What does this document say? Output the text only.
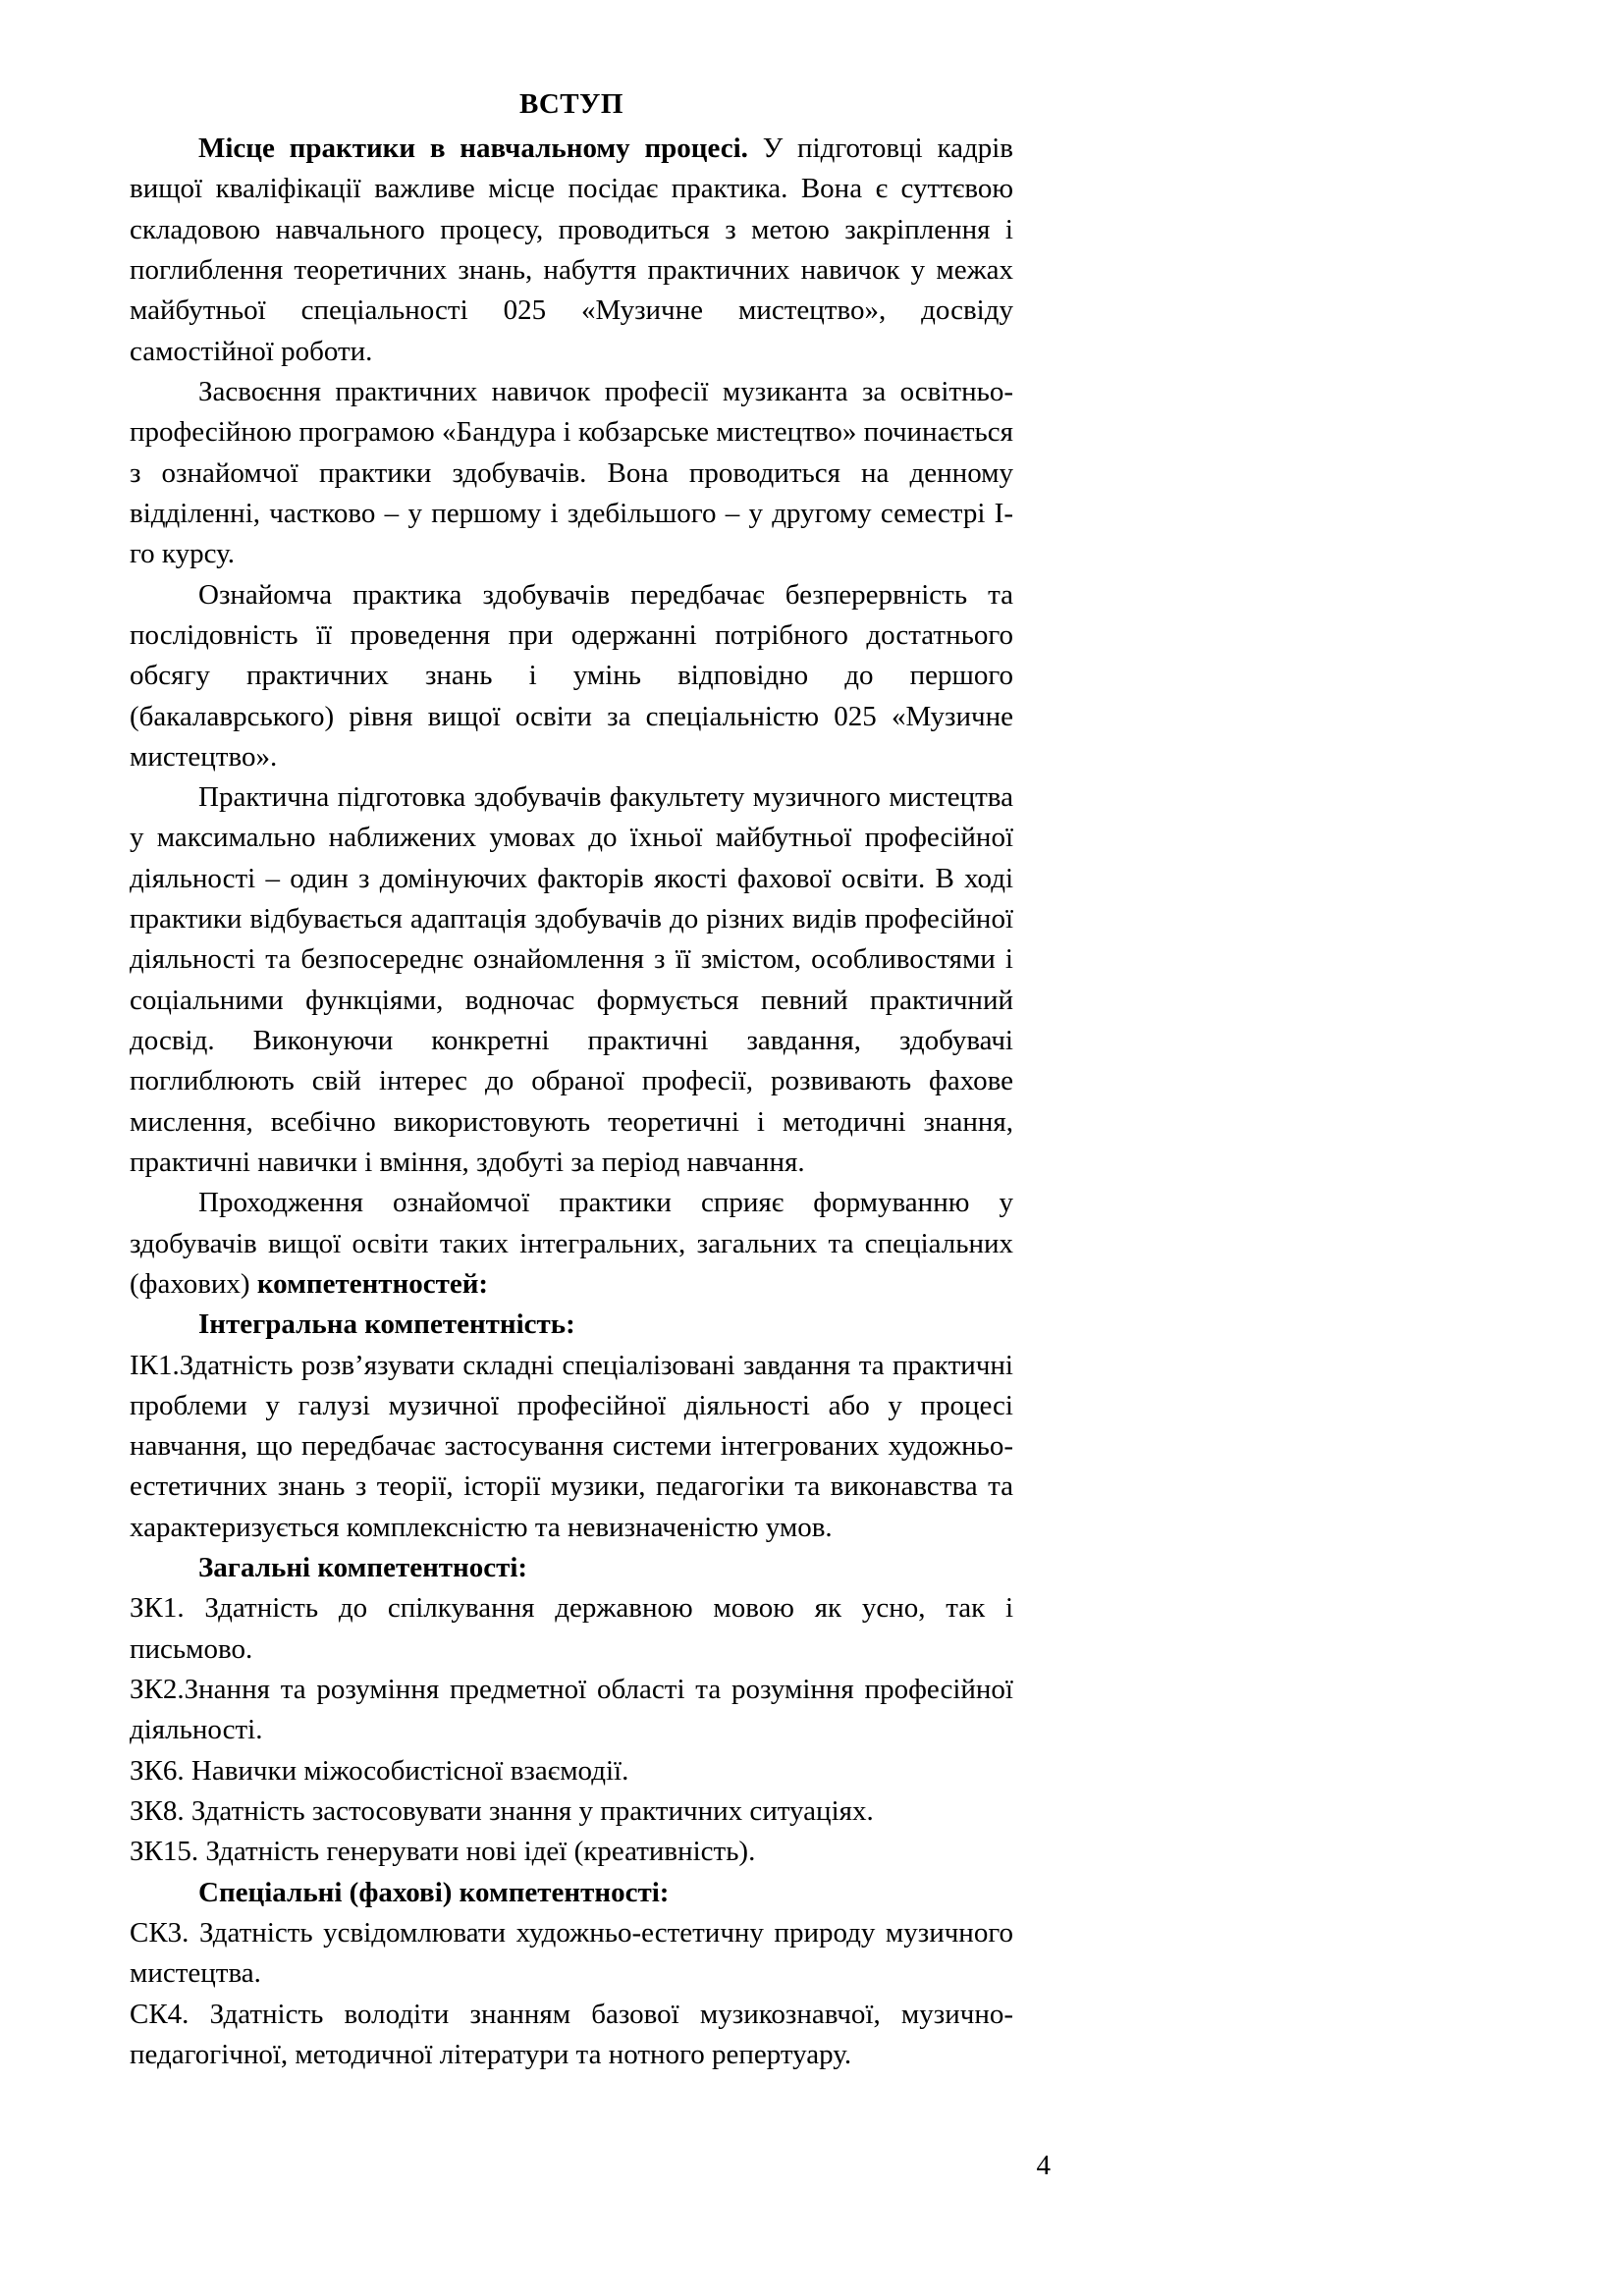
ВСТУП

Місце практики в навчальному процесі. У підготовці кадрів вищої кваліфікації важливе місце посідає практика. Вона є суттєвою складовою навчального процесу, проводиться з метою закріплення і поглиблення теоретичних знань, набуття практичних навичок у межах майбутньої спеціальності 025 «Музичне мистецтво», досвіду самостійної роботи.

Засвоєння практичних навичок професії музиканта за освітньо-професійною програмою «Бандура і кобзарське мистецтво» починається з ознайомчої практики здобувачів. Вона проводиться на денному відділенні, частково – у першому і здебільшого – у другому семестрі І-го курсу.

Ознайомча практика здобувачів передбачає безперервність та послідовність її проведення при одержанні потрібного достатнього обсягу практичних знань і умінь відповідно до першого (бакалаврського) рівня вищої освіти за спеціальністю 025 «Музичне мистецтво».

Практична підготовка здобувачів факультету музичного мистецтва у максимально наближених умовах до їхньої майбутньої професійної діяльності – один з домінуючих факторів якості фахової освіти. В ході практики відбувається адаптація здобувачів до різних видів професійної діяльності та безпосереднє ознайомлення з її змістом, особливостями і соціальними функціями, водночас формується певний практичний досвід. Виконуючи конкретні практичні завдання, здобувачі поглиблюють свій інтерес до обраної професії, розвивають фахове мислення, всебічно використовують теоретичні і методичні знання, практичні навички і вміння, здобуті за період навчання.

Проходження ознайомчої практики сприяє формуванню у здобувачів вищої освіти таких інтегральних, загальних та спеціальних (фахових) компетентностей:

Інтегральна компетентність:

ІК1.Здатність розв’язувати складні спеціалізовані завдання та практичні проблеми у галузі музичної професійної діяльності або у процесі навчання, що передбачає застосування системи інтегрованих художньо-естетичних знань з теорії, історії музики, педагогіки та виконавства та характеризується комплексністю та невизначеністю умов.

Загальні компетентності:

ЗК1. Здатність до спілкування державною мовою як усно, так і письмово.

ЗК2.Знання та розуміння предметної області та розуміння професійної діяльності.

ЗК6. Навички міжособистісної взаємодії.

ЗК8. Здатність застосовувати знання у практичних ситуаціях.

ЗК15. Здатність генерувати нові ідеї (креативність).

Спеціальні (фахові) компетентності:

СК3. Здатність усвідомлювати художньо-естетичну природу музичного мистецтва.

СК4. Здатність володіти знанням базової музикознавчої, музично-педагогічної, методичної літератури та нотного репертуару.

4
